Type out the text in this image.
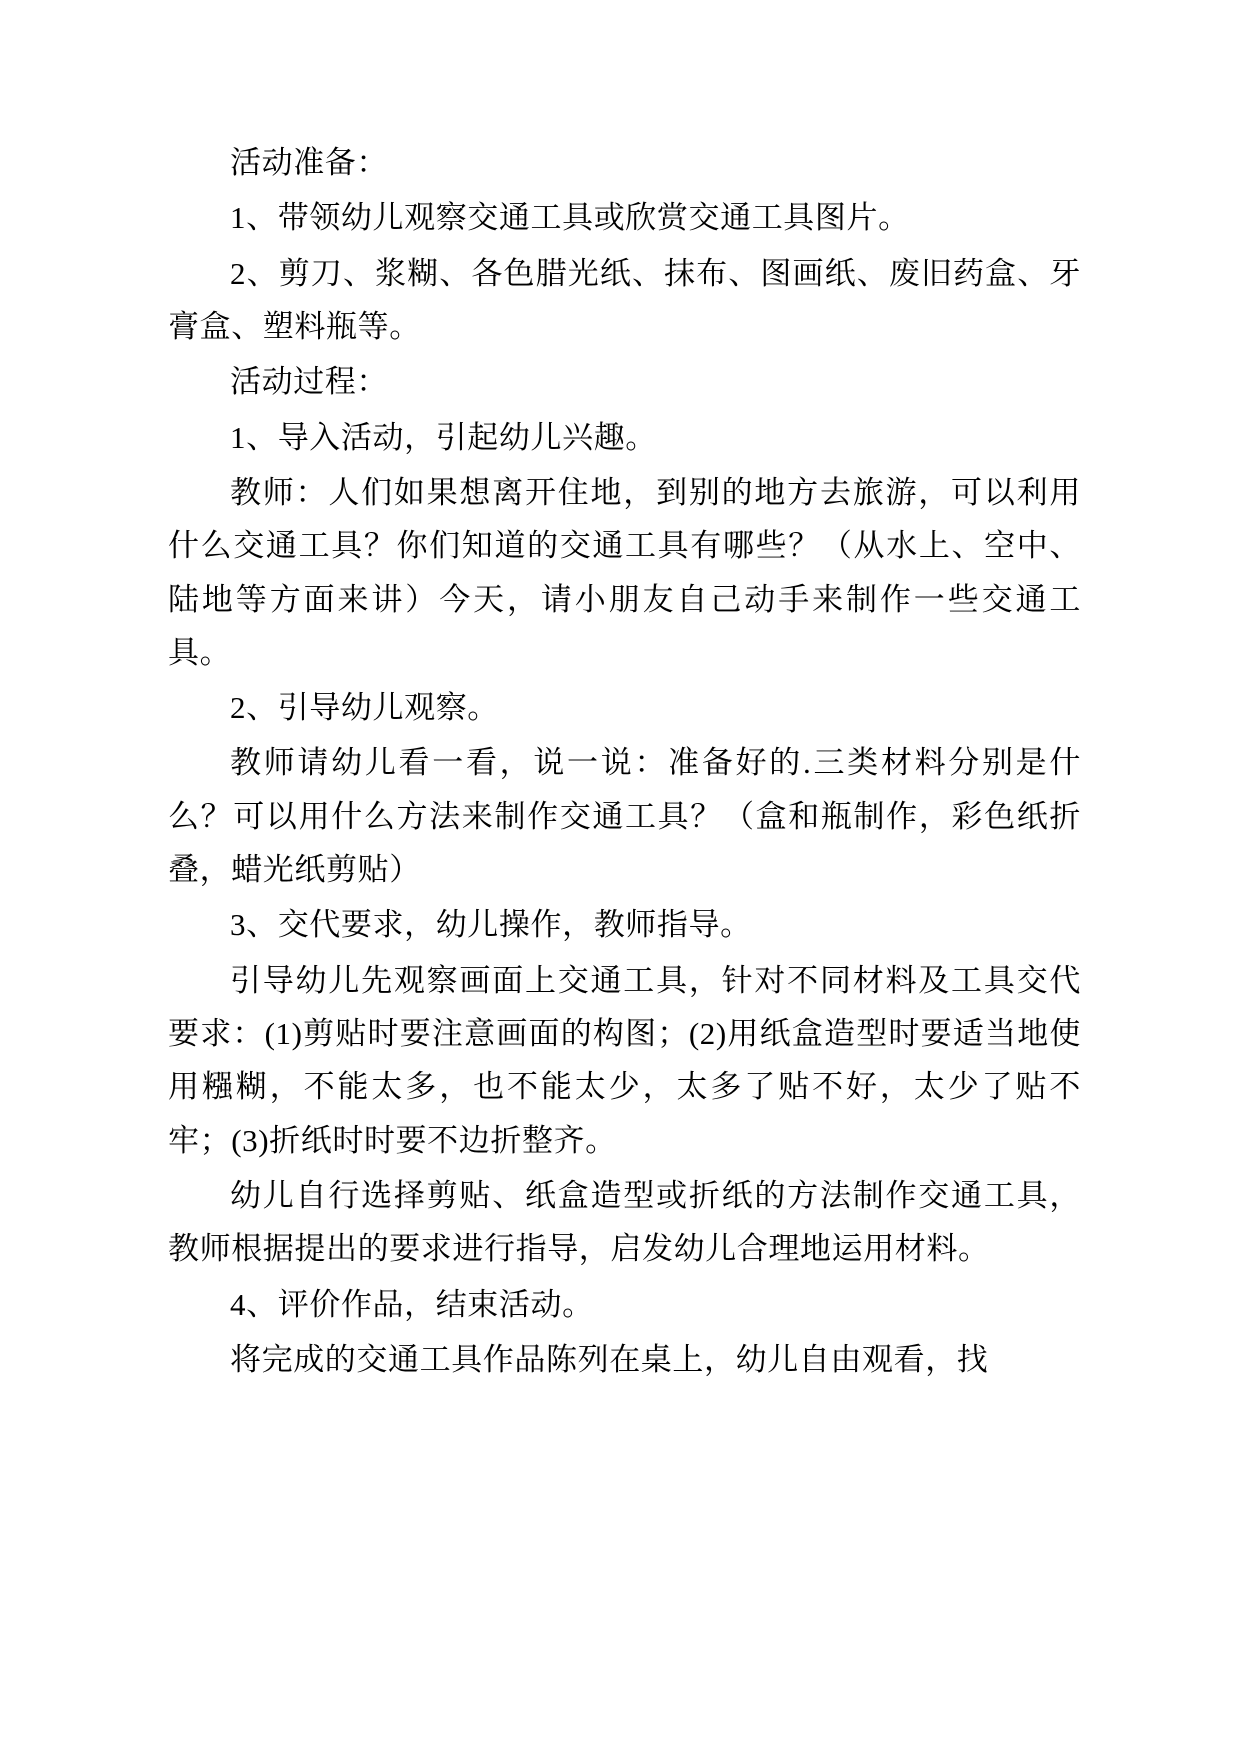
活动准备：

1、带领幼儿观察交通工具或欣赏交通工具图片。

2、剪刀、浆糊、各色腊光纸、抹布、图画纸、废旧药盒、牙膏盒、塑料瓶等。

活动过程：

1、导入活动，引起幼儿兴趣。

教师：人们如果想离开住地，到别的地方去旅游，可以利用什么交通工具？你们知道的交通工具有哪些？（从水上、空中、陆地等方面来讲）今天，请小朋友自己动手来制作一些交通工具。

2、引导幼儿观察。

教师请幼儿看一看，说一说：准备好的.三类材料分别是什么？可以用什么方法来制作交通工具？（盒和瓶制作，彩色纸折叠，蜡光纸剪贴）

3、交代要求，幼儿操作，教师指导。

引导幼儿先观察画面上交通工具，针对不同材料及工具交代要求：(1)剪贴时要注意画面的构图；(2)用纸盒造型时要适当地使用糨糊，不能太多，也不能太少，太多了贴不好，太少了贴不牢；(3)折纸时时要不边折整齐。

幼儿自行选择剪贴、纸盒造型或折纸的方法制作交通工具，教师根据提出的要求进行指导，启发幼儿合理地运用材料。

4、评价作品，结束活动。

将完成的交通工具作品陈列在桌上，幼儿自由观看，找
